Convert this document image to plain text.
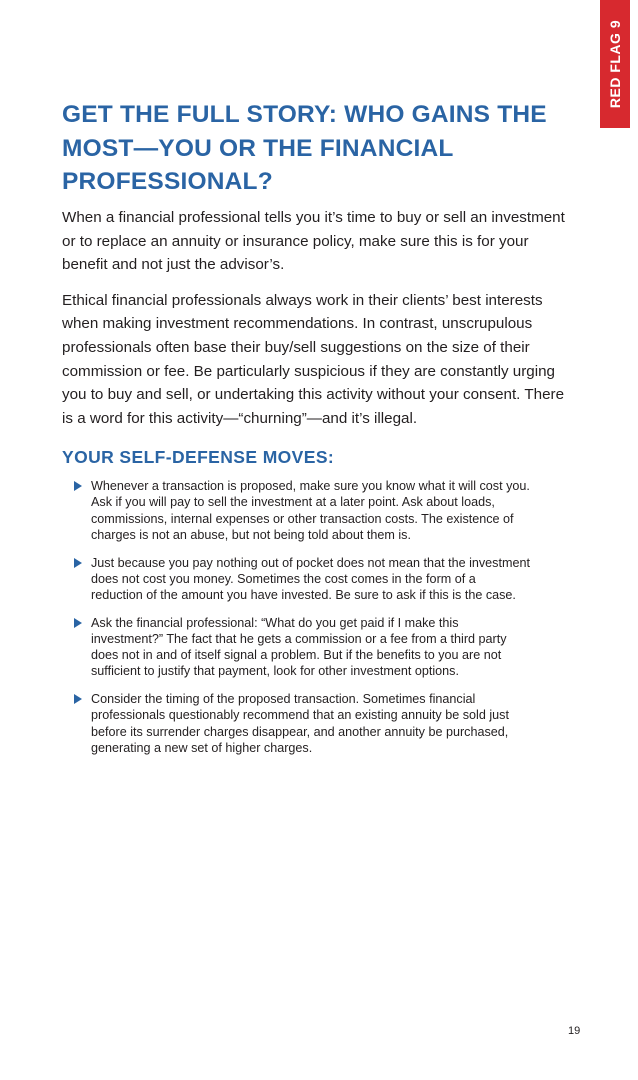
RED FLAG 9
GET THE FULL STORY: WHO GAINS THE MOST—YOU OR THE FINANCIAL PROFESSIONAL?

When a financial professional tells you it’s time to buy or sell an investment or to replace an annuity or insurance policy, make sure this is for your benefit and not just the advisor’s.

Ethical financial professionals always work in their clients’ best interests when making investment recommendations. In contrast, unscrupulous professionals often base their buy/sell suggestions on the size of their commission or fee. Be particularly suspicious if they are constantly urging you to buy and sell, or undertaking this activity without your consent. There is a word for this activity—“churning”—and it’s illegal.

YOUR SELF-DEFENSE MOVES:
Whenever a transaction is proposed, make sure you know what it will cost you. Ask if you will pay to sell the investment at a later point. Ask about loads, commissions, internal expenses or other transaction costs. The existence of charges is not an abuse, but not being told about them is.
Just because you pay nothing out of pocket does not mean that the investment does not cost you money. Sometimes the cost comes in the form of a reduction of the amount you have invested. Be sure to ask if this is the case.
Ask the financial professional: “What do you get paid if I make this investment?” The fact that he gets a commission or a fee from a third party does not in and of itself signal a problem. But if the benefits to you are not sufficient to justify that payment, look for other investment options.
Consider the timing of the proposed transaction. Sometimes financial professionals questionably recommend that an existing annuity be sold just before its surrender charges disappear, and another annuity be purchased, generating a new set of higher charges.
19
